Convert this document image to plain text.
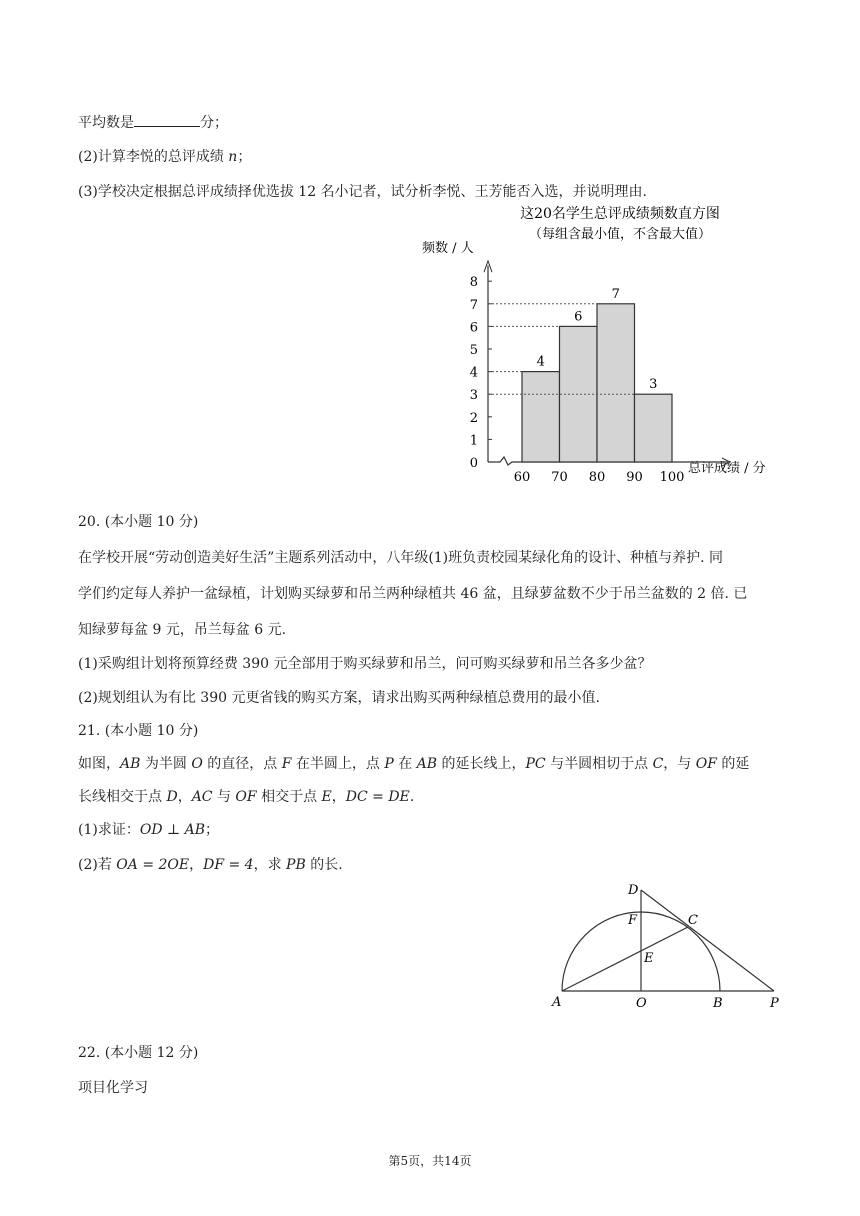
平均数是	分；
(2)计算李悦的总评成绩 n；
(3)学校决定根据总评成绩择优选拔 12 名小记者，试分析李悦、王芳能否入选，并说明理由.
这20名学生总评成绩频数直方图
（每组含最小值，不含最大值）
频数 / 人
总评成绩 / 分
0
1
2
3
4
5
6
7
8
4
6
7
3
60 70 80 90 100
20. (本小题 10 分)
在学校开展“劳动创造美好生活”主题系列活动中，八年级(1)班负责校园某绿化角的设计、种植与养护. 同
学们约定每人养护一盆绿植，计划购买绿萝和吊兰两种绿植共 46 盆，且绿萝盆数不少于吊兰盆数的 2 倍. 已
知绿萝每盆 9 元，吊兰每盆 6 元.
(1)采购组计划将预算经费 390 元全部用于购买绿萝和吊兰，问可购买绿萝和吊兰各多少盆？
(2)规划组认为有比 390 元更省钱的购买方案，请求出购买两种绿植总费用的最小值.
21. (本小题 10 分)
如图，AB 为半圆 O 的直径，点 F 在半圆上，点 P 在 AB 的延长线上，PC 与半圆相切于点 C，与 OF 的延
长线相交于点 D，AC 与 OF 相交于点 E，DC = DE.
(1)求证：OD ⊥ AB；
(2)若 OA = 2OE，DF = 4，求 PB 的长.
A	O	B	P
C
D
E
F
22. (本小题 12 分)
项目化学习
第5页，共14页
